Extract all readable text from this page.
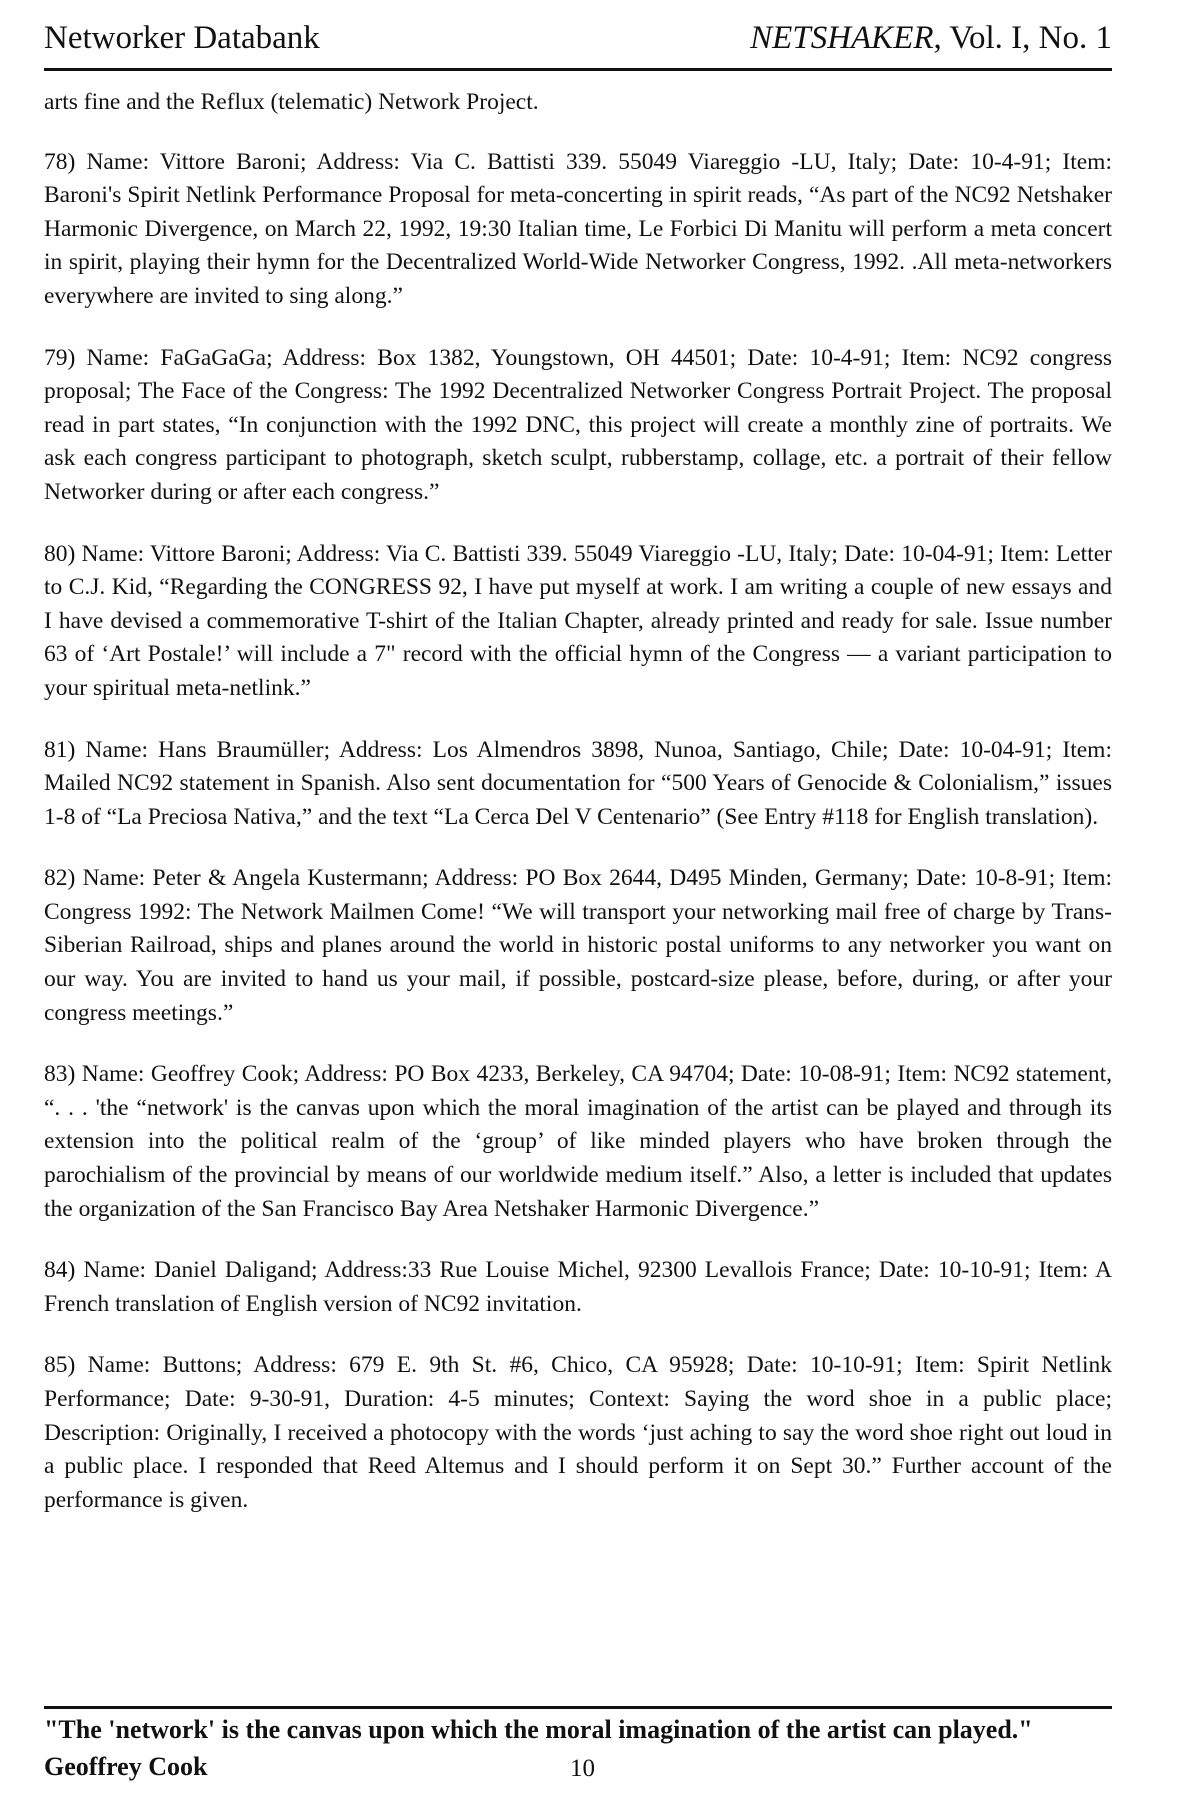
Networker Databank	NETSHAKER, Vol. I, No. 1

arts fine and the Reflux (telematic) Network Project.

78) Name: Vittore Baroni; Address: Via C. Battisti 339. 55049 Viareggio -LU, Italy; Date: 10-4-91; Item: Baroni's Spirit Netlink Performance Proposal for meta-concerting in spirit reads, “As part of the NC92 Netshaker Harmonic Divergence, on March 22, 1992, 19:30 Italian time, Le Forbici Di Manitu will perform a meta concert in spirit, playing their hymn for the Decentralized World-Wide Networker Congress, 1992. .All meta-networkers everywhere are invited to sing along.”

79) Name: FaGaGaGa; Address: Box 1382, Youngstown, OH 44501; Date: 10-4-91; Item: NC92 congress proposal; The Face of the Congress: The 1992 Decentralized Networker Congress Portrait Project. The proposal read in part states, “In conjunction with the 1992 DNC, this project will create a monthly zine of portraits. We ask each congress participant to photograph, sketch sculpt, rubberstamp, collage, etc. a portrait of their fellow Networker during or after each congress.”

80) Name: Vittore Baroni; Address: Via C. Battisti 339. 55049 Viareggio -LU, Italy; Date: 10-04-91; Item: Letter to C.J. Kid, “Regarding the CONGRESS 92, I have put myself at work. I am writing a couple of new essays and I have devised a commemorative T-shirt of the Italian Chapter, already printed and ready for sale. Issue number 63 of ‘Art Postale!’ will include a 7" record with the official hymn of the Congress — a variant participation to your spiritual meta-netlink.”

81) Name: Hans Braumüller; Address: Los Almendros 3898, Nunoa, Santiago, Chile; Date: 10-04-91; Item: Mailed NC92 statement in Spanish. Also sent documentation for “500 Years of Genocide & Colonialism,” issues 1-8 of “La Preciosa Nativa,” and the text “La Cerca Del V Centenario” (See Entry #118 for English translation).

82) Name: Peter & Angela Kustermann; Address: PO Box 2644, D495 Minden, Germany; Date: 10-8-91; Item: Congress 1992: The Network Mailmen Come! “We will transport your networking mail free of charge by Trans-Siberian Railroad, ships and planes around the world in historic postal uniforms to any networker you want on our way. You are invited to hand us your mail, if possible, postcard-size please, before, during, or after your congress meetings.”

83) Name: Geoffrey Cook; Address: PO Box 4233, Berkeley, CA 94704; Date: 10-08-91; Item: NC92 statement, “. . . 'the “network' is the canvas upon which the moral imagination of the artist can be played and through its extension into the political realm of the ‘group’ of like minded players who have broken through the parochialism of the provincial by means of our worldwide medium itself.” Also, a letter is included that updates the organization of the San Francisco Bay Area Netshaker Harmonic Divergence.”

84) Name: Daniel Daligand; Address:33 Rue Louise Michel, 92300 Levallois France; Date: 10-10-91; Item: A French translation of English version of NC92 invitation.

85) Name: Buttons; Address: 679 E. 9th St. #6, Chico, CA 95928; Date: 10-10-91; Item: Spirit Netlink Performance; Date: 9-30-91, Duration: 4-5 minutes; Context: Saying the word shoe in a public place; Description: Originally, I received a photocopy with the words ‘just aching to say the word shoe right out loud in a public place. I responded that Reed Altemus and I should perform it on Sept 30.” Further account of the performance is given.

"The 'network' is the canvas upon which the moral imagination of the artist can played."
Geoffrey Cook	10
